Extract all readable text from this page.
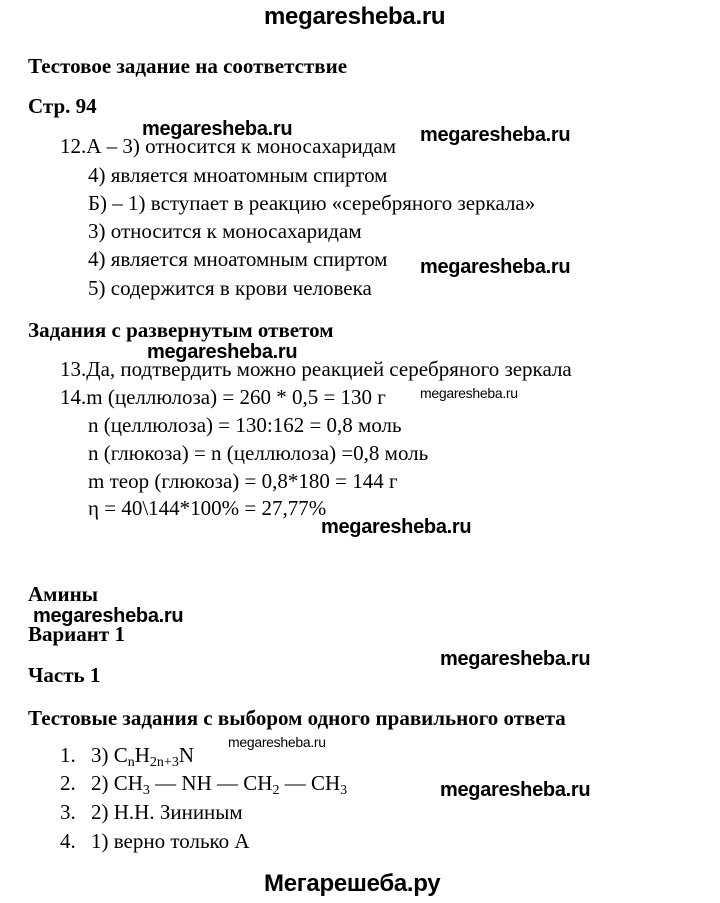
megaresheba.ru
Мегарешеба.ру
Тестовое задание на соответствие
Стр. 94
12.А – 3) относится к моносахаридам
4) является мноатомным спиртом
Б) – 1) вступает в реакцию «серебряного зеркала»
3) относится к моносахаридам
4) является мноатомным спиртом
5) содержится в крови человека
Задания с развернутым ответом
13.Да, подтвердить можно реакцией серебряного зеркала
14.m (целлюлоза) = 260 * 0,5 = 130 г
n (целлюлоза) = 130:162 = 0,8 моль
n (глюкоза) = n (целлюлоза) =0,8 моль
m теор (глюкоза) = 0,8*180 = 144 г
η = 40\144*100% = 27,77%
Амины
Вариант 1
Часть 1
Тестовые задания с выбором одного правильного ответа
1. 3) $C_nH_{2n+3}N$
2. 2) $CH_3$ — NH — $CH_2$ — $CH_3$
3. 2) Н.Н. Зининым
4. 1) верно только А
megaresheba.ru	megaresheba.ru
megaresheba.ru
megaresheba.ru
megaresheba.ru
megaresheba.ru
megaresheba.ru
megaresheba.ru
megaresheba.ru
megaresheba.ru
